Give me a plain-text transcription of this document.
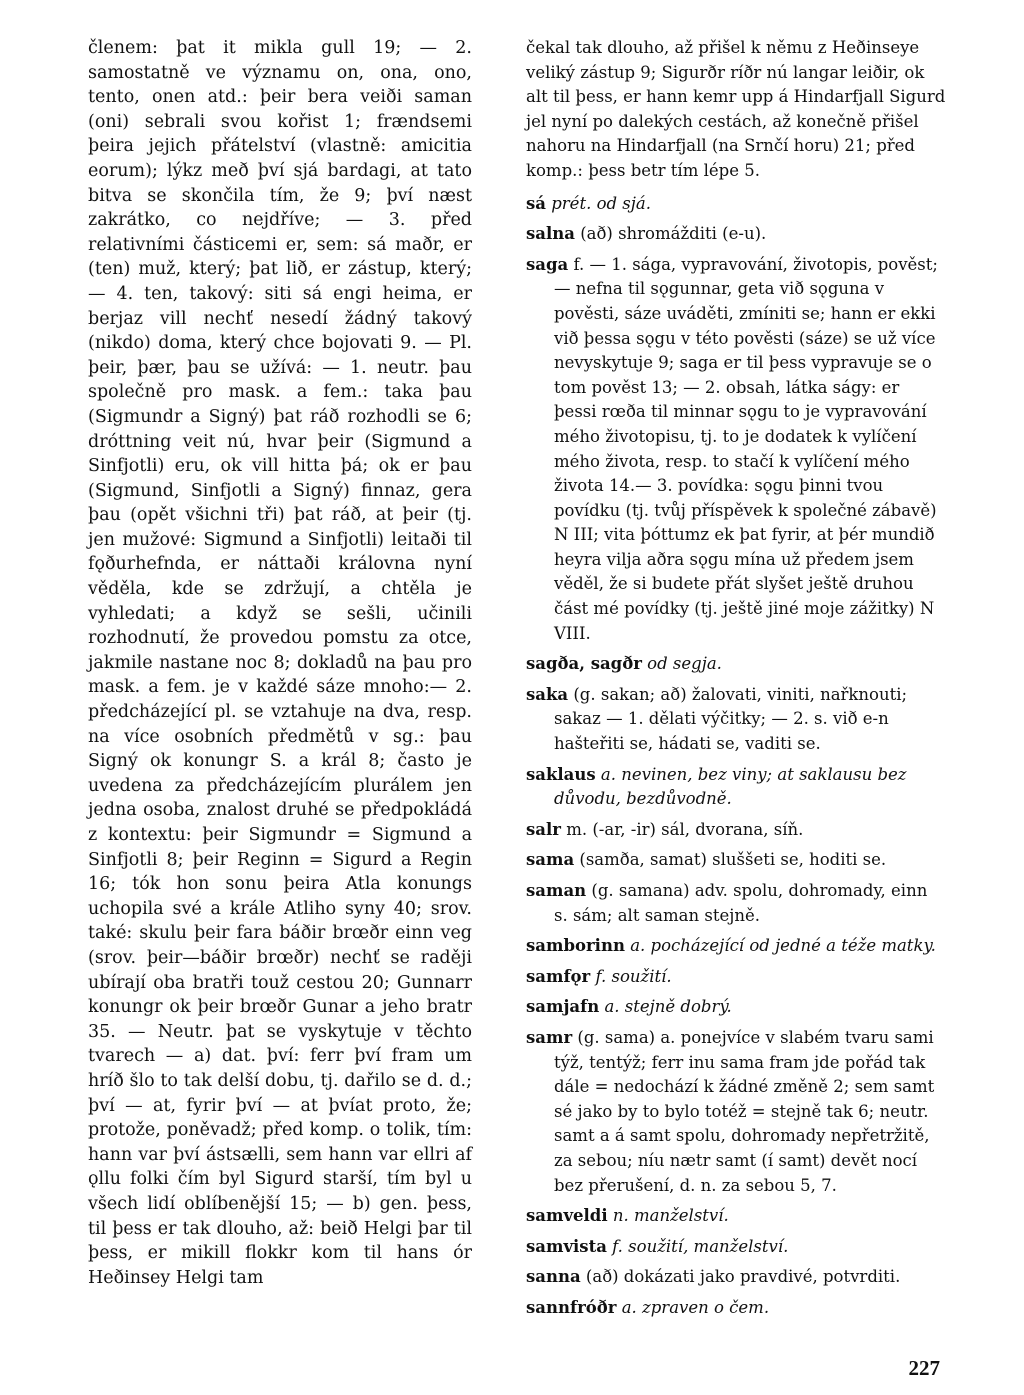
členem: þat it mikla gull 19; — 2. samostatně ve významu on, ona, ono, tento, onen atd.: þeir bera veiði saman (oni) sebrali svou kořist 1; frændsemi þeira jejich přátelství (vlastně: amicitia eorum); lýkz með því sjá bardagi, at tato bitva se skončila tím, že 9; því næst zakrátko, co nejdříve; — 3. před relativními částicemi er, sem: sá maðr, er (ten) muž, který; þat lið, er zástup, který; — 4. ten, takový: siti sá engi heima, er berjaz vill nechť nesedí žádný takový (nikdo) doma, který chce bojovati 9. — Pl. þeir, þær, þau se užívá: — 1. neutr. þau společně pro mask. a fem.: taka þau (Sigmundr a Signý) þat ráð rozhodli se 6; dróttning veit nú, hvar þeir (Sigmund a Sinfjotli) eru, ok vill hitta þá; ok er þau (Sigmund, Sinfjotli a Signý) finnaz, gera þau (opět všichni tři) þat ráð, at þeir (tj. jen mužové: Sigmund a Sinfjotli) leitaði til fǫðurhefnda, er náttaði královna nyní věděla, kde se zdržují, a chtěla je vyhledati; a když se sešli, učinili rozhodnutí, že provedou pomstu za otce, jakmile nastane noc 8; dokladů na þau pro mask. a fem. je v každé sáze mnoho:— 2. předcházející pl. se vztahuje na dva, resp. na více osobních předmětů v sg.: þau Signý ok konungr S. a král 8; často je uvedena za předcházejícím plurálem jen jedna osoba, znalost druhé se předpokládá z kontextu: þeir Sigmundr = Sigmund a Sinfjotli 8; þeir Reginn = Sigurd a Regin 16; tók hon sonu þeira Atla konungs uchopila své a krále Atliho syny 40; srov. také: skulu þeir fara báðir brœðr einn veg (srov. þeir—báðir brœðr) nechť se raději ubírají oba bratři touž cestou 20; Gunnarr konungr ok þeir brœðr Gunar a jeho bratr 35. — Neutr. þat se vyskytuje v těchto tvarech — a) dat. því: ferr því fram um hríð šlo to tak delší dobu, tj. dařilo se d. d.; því — at, fyrir því — at þvíat proto, že; protože, poněvadž; před komp. o tolik, tím: hann var því ástsælli, sem hann var ellri af ǫllu folki čím byl Sigurd starší, tím byl u všech lidí oblíbenější 15; — b) gen. þess, til þess er tak dlouho, až: beið Helgi þar til þess, er mikill flokkr kom til hans ór Heðinsey Helgi tam

čekal tak dlouho, až přišel k němu z Heðinseye veliký zástup 9; Sigurðr ríðr nú langar leiðir, ok alt til þess, er hann kemr upp á Hindarfjall Sigurd jel nyní po dalekých cestách, až konečně přišel nahoru na Hindarfjall (na Srnčí horu) 21; před komp.: þess betr tím lépe 5.

sá prét. od sjá.

salna (að) shromážditi (e-u).

saga f. — 1. sága, vypravování, životopis, pověst; — nefna til sǫgunnar, geta við sǫguna v pověsti, sáze uváděti, zmíniti se; hann er ekki við þessa sǫgu v této pověsti (sáze) se už více nevyskytuje 9; saga er til þess vypravuje se o tom pověst 13; — 2. obsah, látka ságy: er þessi rœða til minnar sǫgu to je vypravování mého životopisu, tj. to je dodatek k vylíčení mého života, resp. to stačí k vylíčení mého života 14.— 3. povídka: sǫgu þinni tvou povídku (tj. tvůj příspěvek k společné zábavě) N III; vita þóttumz ek þat fyrir, at þér mundið heyra vilja aðra sǫgu mína už předem jsem věděl, že si budete přát slyšet ještě druhou část mé povídky (tj. ještě jiné moje zážitky) N VIII.

sagða, sagðr od segja.

saka (g. sakan; að) žalovati, viniti, nařknouti; sakaz — 1. dělati výčitky; — 2. s. við e-n hašteřiti se, hádati se, vaditi se.

saklaus a. nevinen, bez viny; at saklausu bez důvodu, bezdůvodně.

salr m. (-ar, -ir) sál, dvorana, síň.

sama (samða, samat) sluššeti se, hoditi se.

saman (g. samana) adv. spolu, dohromady, einn s. sám; alt saman stejně.

samborinn a. pocházející od jedné a téže matky.

samfǫr f. soužití.

samjafn a. stejně dobrý.

samr (g. sama) a. ponejvíce v slabém tvaru sami týž, tentýž; ferr inu sama fram jde pořád tak dále = nedochází k žádné změně 2; sem samt sé jako by to bylo totéž = stejně tak 6; neutr. samt a á samt spolu, dohromady nepřetržitě, za sebou; níu nætr samt (í samt) devět nocí bez přerušení, d. n. za sebou 5, 7.

samveldi n. manželství.

samvista f. soužití, manželství.

sanna (að) dokázati jako pravdivé, potvrditi.

sannfróðr a. zpraven o čem.

227
